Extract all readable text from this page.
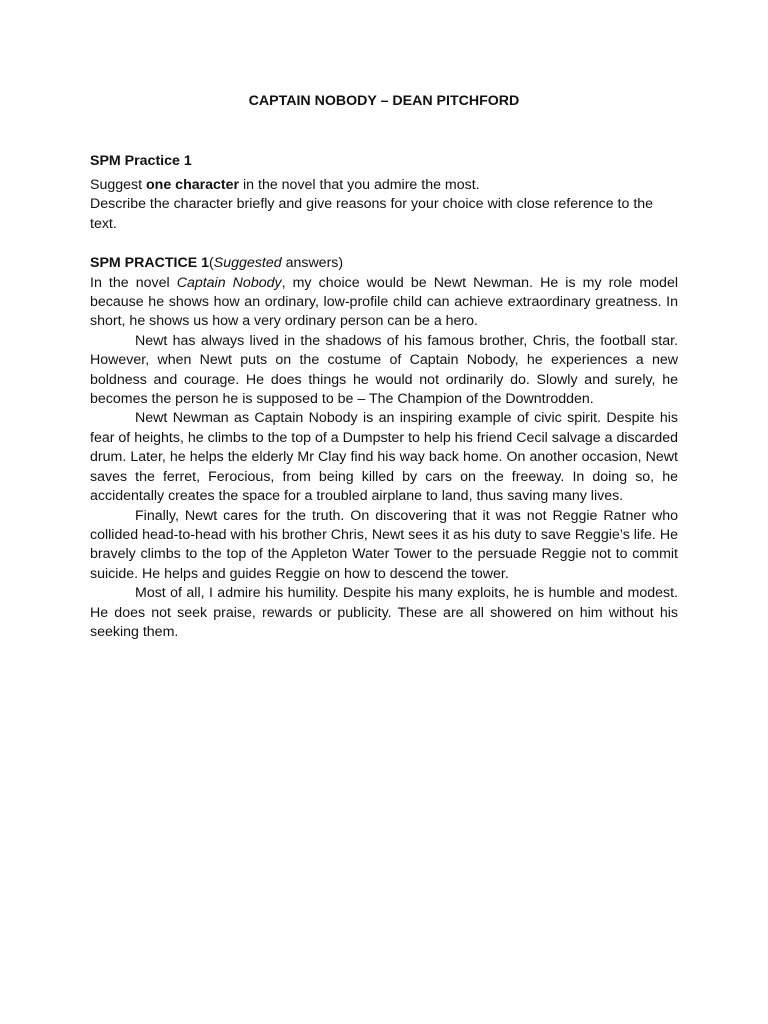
CAPTAIN NOBODY – DEAN PITCHFORD
SPM Practice 1

Suggest one character in the novel that you admire the most.

Describe the character briefly and give reasons for your choice with close reference to the text.

SPM PRACTICE 1(Suggested answers)

In the novel Captain Nobody, my choice would be Newt Newman. He is my role model because he shows how an ordinary, low-profile child can achieve extraordinary greatness. In short, he shows us how a very ordinary person can be a hero.

Newt has always lived in the shadows of his famous brother, Chris, the football star. However, when Newt puts on the costume of Captain Nobody, he experiences a new boldness and courage. He does things he would not ordinarily do. Slowly and surely, he becomes the person he is supposed to be – The Champion of the Downtrodden.

Newt Newman as Captain Nobody is an inspiring example of civic spirit. Despite his fear of heights, he climbs to the top of a Dumpster to help his friend Cecil salvage a discarded drum. Later, he helps the elderly Mr Clay find his way back home. On another occasion, Newt saves the ferret, Ferocious, from being killed by cars on the freeway. In doing so, he accidentally creates the space for a troubled airplane to land, thus saving many lives.

Finally, Newt cares for the truth. On discovering that it was not Reggie Ratner who collided head-to-head with his brother Chris, Newt sees it as his duty to save Reggie’s life. He bravely climbs to the top of the Appleton Water Tower to the persuade Reggie not to commit suicide. He helps and guides Reggie on how to descend the tower.

Most of all, I admire his humility. Despite his many exploits, he is humble and modest. He does not seek praise, rewards or publicity. These are all showered on him without his seeking them.
